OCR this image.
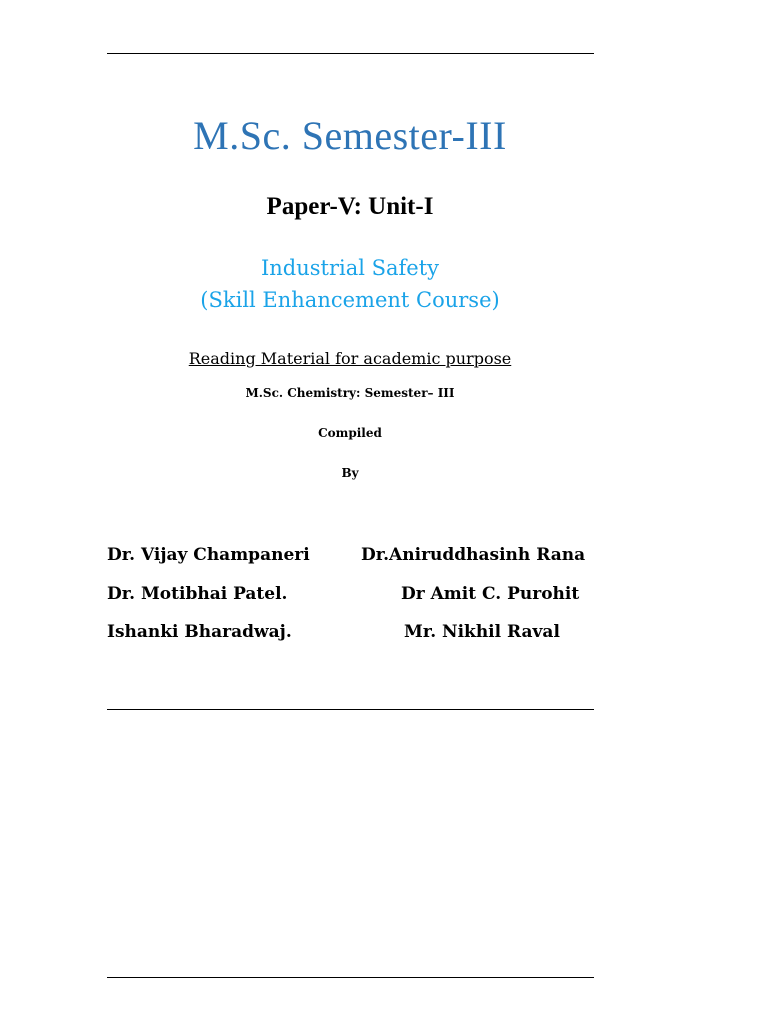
M.Sc. Semester-III
Paper-V: Unit-I
Industrial Safety
(Skill Enhancement Course)
Reading Material for academic purpose
M.Sc. Chemistry: Semester– III
Compiled
By
Dr. Vijay Champaneri	Dr.Aniruddhasinh Rana
Dr. Motibhai Patel.	Dr Amit C. Purohit
Ishanki Bharadwaj.	Mr. Nikhil Raval
